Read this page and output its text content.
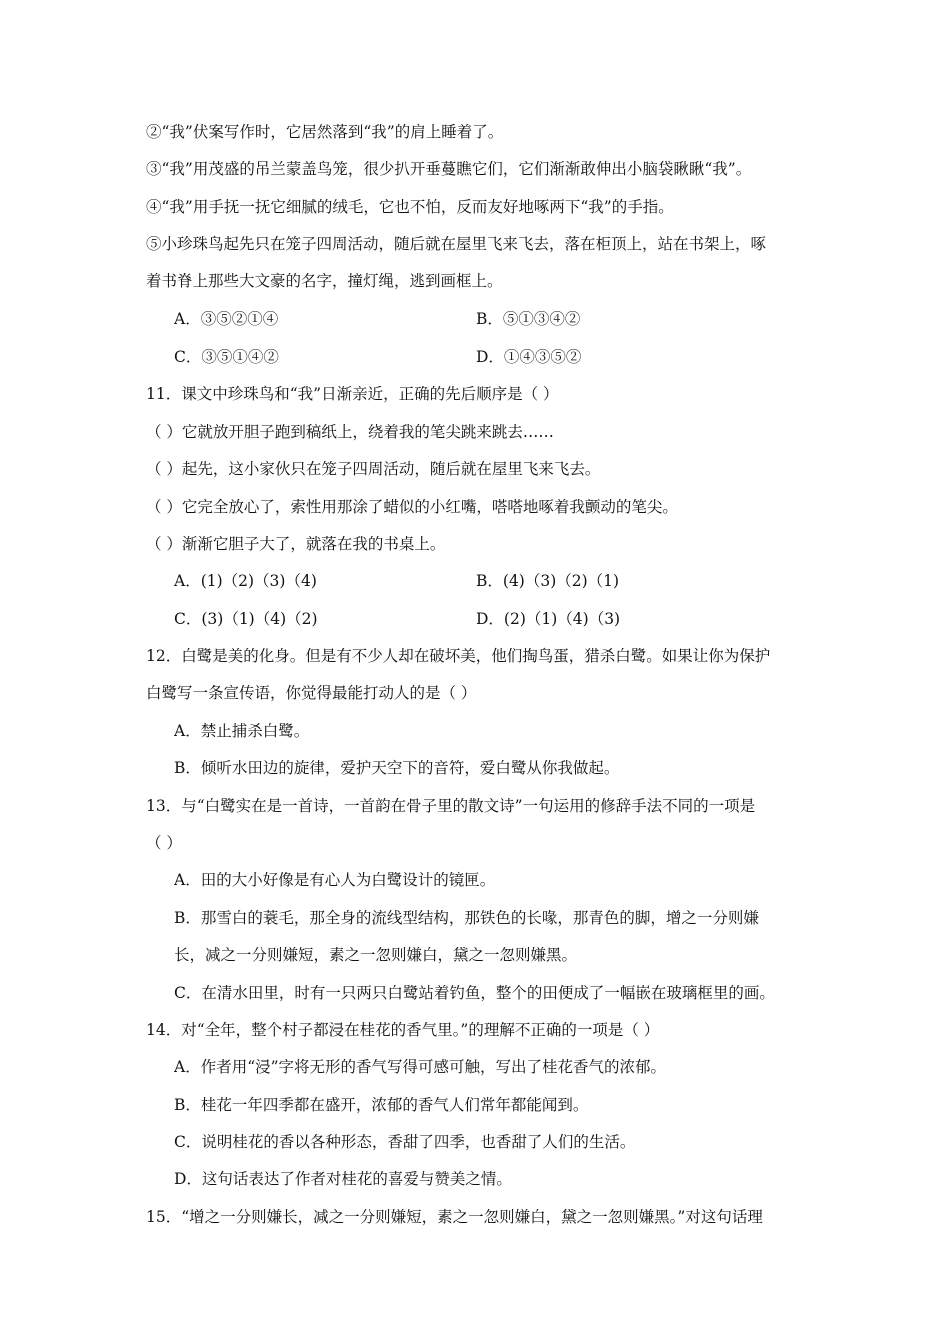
②“我”伏案写作时，它居然落到“我”的肩上睡着了。
③“我”用茂盛的吊兰蒙盖鸟笼，很少扒开垂蔓瞧它们，它们渐渐敢伸出小脑袋瞅瞅“我”。
④“我”用手抚一抚它细腻的绒毛，它也不怕，反而友好地啄两下“我”的手指。
⑤小珍珠鸟起先只在笼子四周活动，随后就在屋里飞来飞去，落在柜顶上，站在书架上，啄
着书脊上那些大文豪的名字，撞灯绳，逃到画框上。
A．③⑤②①④	B．⑤①③④②
C．③⑤①④②	D．①④③⑤②
11．课文中珍珠鸟和“我”日渐亲近，正确的先后顺序是（ ）
（ ）它就放开胆子跑到稿纸上，绕着我的笔尖跳来跳去……
（ ）起先，这小家伙只在笼子四周活动，随后就在屋里飞来飞去。
（ ）它完全放心了，索性用那涂了蜡似的小红嘴，嗒嗒地啄着我颤动的笔尖。
（ ）渐渐它胆子大了，就落在我的书桌上。
A．(1)（2)（3)（4)	B．(4)（3)（2)（1)
C．(3)（1)（4)（2)	D．(2)（1)（4)（3)
12．白鹭是美的化身。但是有不少人却在破坏美，他们掏鸟蛋，猎杀白鹭。如果让你为保护
白鹭写一条宣传语，你觉得最能打动人的是（ ）
A．禁止捕杀白鹭。
B．倾听水田边的旋律，爱护天空下的音符，爱白鹭从你我做起。
13．与“白鹭实在是一首诗，一首韵在骨子里的散文诗”一句运用的修辞手法不同的一项是
（ ）
A．田的大小好像是有心人为白鹭设计的镜匣。
B．那雪白的蓑毛，那全身的流线型结构，那铁色的长喙，那青色的脚，增之一分则嫌
长，减之一分则嫌短，素之一忽则嫌白，黛之一忽则嫌黑。
C．在清水田里，时有一只两只白鹭站着钓鱼，整个的田便成了一幅嵌在玻璃框里的画。
14．对“全年，整个村子都浸在桂花的香气里。”的理解不正确的一项是（ ）
A．作者用“浸”字将无形的香气写得可感可触，写出了桂花香气的浓郁。
B．桂花一年四季都在盛开，浓郁的香气人们常年都能闻到。
C．说明桂花的香以各种形态，香甜了四季，也香甜了人们的生活。
D．这句话表达了作者对桂花的喜爱与赞美之情。
15．“增之一分则嫌长，减之一分则嫌短，素之一忽则嫌白，黛之一忽则嫌黑。”对这句话理
